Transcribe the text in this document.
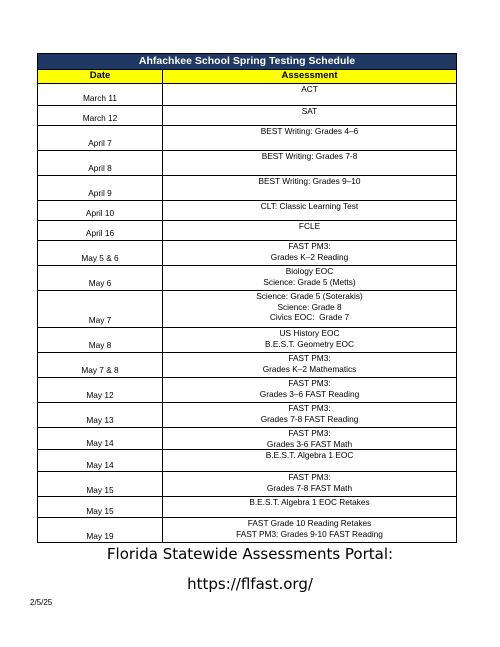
Ahfachkee School Spring Testing Schedule	
Date	Assessment
March 11	ACT

March 12	SAT

April 7	BEST Writing: Grades 4–6

April 8	BEST Writing: Grades 7-8

April 9	BEST Writing: Grades 9–10

April 10	CLT: Classic Learning Test

April 16	FCLE

May 5 & 6	FAST PM3:
Grades K–2 Reading

May 6	Biology EOC
Science: Grade 5 (Metts)

May 7	Science: Grade 5 (Soterakis)
Science: Grade 8
Civics EOC:  Grade 7

May 8	US History EOC
B.E.S.T. Geometry EOC

May 7 & 8	FAST PM3:
Grades K–2 Mathematics

May 12	FAST PM3:
Grades 3–6 FAST Reading

May 13	FAST PM3:
Grades 7-8 FAST Reading

May 14	FAST PM3:
Grades 3-6 FAST Math

May 14	B.E.S.T. Algebra 1 EOC

May 15	FAST PM3:
Grades 7-8 FAST Math

May 15	B.E.S.T. Algebra 1 EOC Retakes

May 19	FAST Grade 10 Reading Retakes
FAST PM3: Grades 9-10 FAST Reading
Florida Statewide Assessments Portal:
https://flfast.org/
2/5/25
